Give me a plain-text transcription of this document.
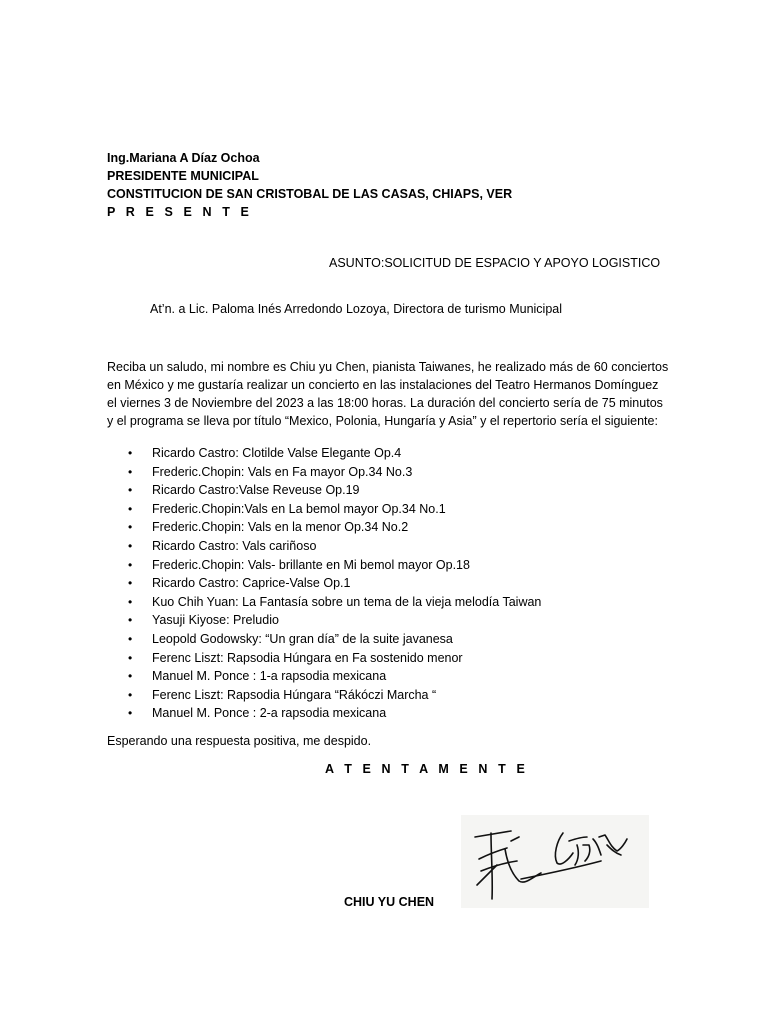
Ing.Mariana A Díaz Ochoa
PRESIDENTE MUNICIPAL
CONSTITUCION DE SAN CRISTOBAL DE LAS CASAS, CHIAPS, VER
P R E S E N T E
ASUNTO:SOLICITUD DE ESPACIO Y APOYO LOGISTICO
At’n. a Lic. Paloma Inés Arredondo Lozoya, Directora de turismo Municipal

Reciba un saludo, mi nombre es Chiu yu Chen, pianista Taiwanes, he realizado más de 60 conciertos

en México y me gustaría realizar un concierto en las instalaciones del Teatro Hermanos Domínguez

el viernes 3 de Noviembre del 2023 a las 18:00 horas. La duración del concierto sería de 75 minutos

y el programa se lleva por título “Mexico, Polonia, Hungaría y Asia” y el repertorio sería el siguiente:

• Ricardo Castro: Clotilde Valse Elegante Op.4
• Frederic.Chopin: Vals en Fa mayor Op.34 No.3
• Ricardo Castro:Valse Reveuse Op.19
• Frederic.Chopin:Vals en La bemol mayor Op.34 No.1
• Frederic.Chopin: Vals en la menor Op.34 No.2
• Ricardo Castro: Vals cariñoso
• Frederic.Chopin: Vals- brillante en Mi bemol mayor Op.18
• Ricardo Castro: Caprice-Valse Op.1
• Kuo Chih Yuan: La Fantasía sobre un tema de la vieja melodía Taiwan
• Yasuji Kiyose: Preludio
• Leopold Godowsky: “Un gran día” de la suite javanesa
• Ferenc Liszt: Rapsodia Húngara en Fa sostenido menor
• Manuel M. Ponce : 1-a rapsodia mexicana
• Ferenc Liszt: Rapsodia Húngara “Rákóczi Marcha “
• Manuel M. Ponce : 2-a rapsodia mexicana
Esperando una respuesta positiva, me despido.
A T E N T A M E N T E
CHIU YU CHEN
